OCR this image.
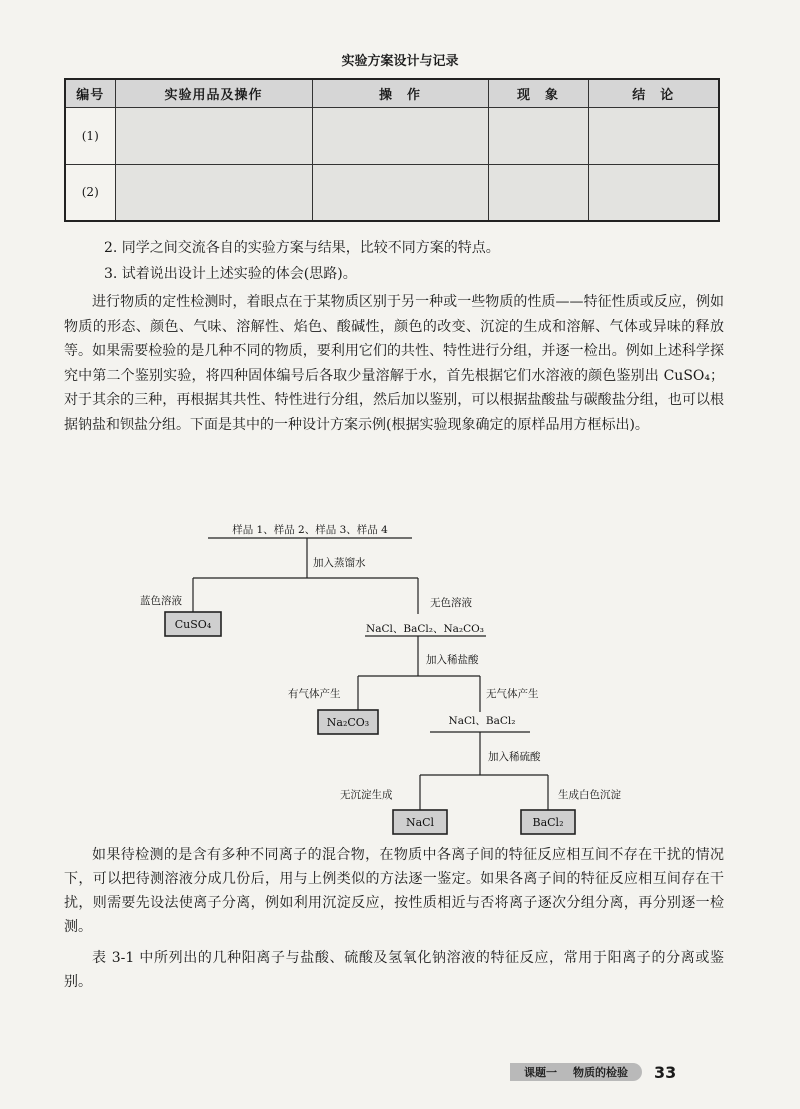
实验方案设计与记录
编号	实验用品及操作	操　作	现　象	结　论
(1)				
(2)				

2. 同学之间交流各自的实验方案与结果，比较不同方案的特点。

3. 试着说出设计上述实验的体会(思路)。

进行物质的定性检测时，着眼点在于某物质区别于另一种或一些物质的性质——特征性质或反应，例如物质的形态、颜色、气味、溶解性、焰色、酸碱性，颜色的改变、沉淀的生成和溶解、气体或异味的释放等。如果需要检验的是几种不同的物质，要利用它们的共性、特性进行分组，并逐一检出。例如上述科学探究中第二个鉴别实验，将四种固体编号后各取少量溶解于水，首先根据它们水溶液的颜色鉴别出 CuSO₄；对于其余的三种，再根据其共性、特性进行分组，然后加以鉴别，可以根据盐酸盐与碳酸盐分组，也可以根据钠盐和钡盐分组。下面是其中的一种设计方案示例(根据实验现象确定的原样品用方框标出)。

样品 1、样品 2、样品 3、样品 4
加入蒸馏水
蓝色溶液
CuSO₄
无色溶液
NaCl、BaCl₂、Na₂CO₃
加入稀盐酸
有气体产生
Na₂CO₃
无气体产生
NaCl、BaCl₂
加入稀硫酸
无沉淀生成
NaCl
生成白色沉淀
BaCl₂

如果待检测的是含有多种不同离子的混合物，在物质中各离子间的特征反应相互间不存在干扰的情况下，可以把待测溶液分成几份后，用与上例类似的方法逐一鉴定。如果各离子间的特征反应相互间存在干扰，则需要先设法使离子分离，例如利用沉淀反应，按性质相近与否将离子逐次分组分离，再分别逐一检测。

表 3-1 中所列出的几种阳离子与盐酸、硫酸及氢氧化钠溶液的特征反应，常用于阳离子的分离或鉴别。

课题一 物质的检验 33
